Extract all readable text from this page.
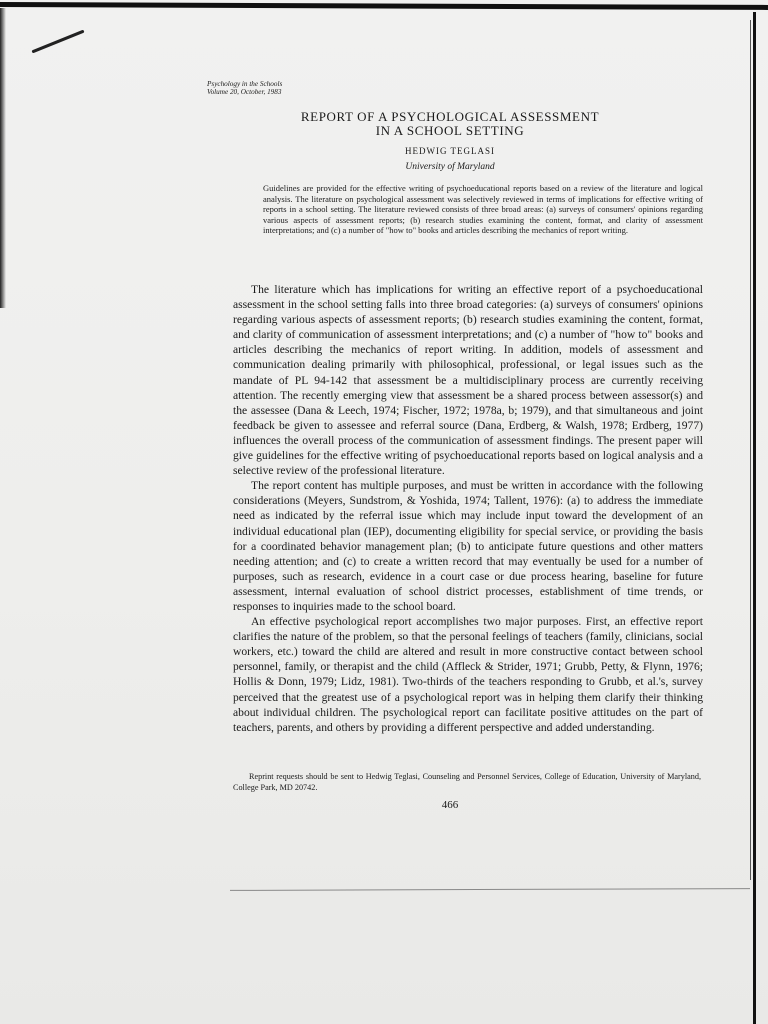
Psychology in the Schools
Volume 20, October, 1983
REPORT OF A PSYCHOLOGICAL ASSESSMENT
IN A SCHOOL SETTING
HEDWIG TEGLASI
University of Maryland
Guidelines are provided for the effective writing of psychoeducational reports based on a review of the literature and logical analysis. The literature on psychological assessment was selectively reviewed in terms of implications for effective writing of reports in a school setting. The literature reviewed consists of three broad areas: (a) surveys of consumers' opinions regarding various aspects of assessment reports; (b) research studies examining the content, format, and clarity of assessment interpretations; and (c) a number of "how to" books and articles describing the mechanics of report writing.

The literature which has implications for writing an effective report of a psychoeducational assessment in the school setting falls into three broad categories: (a) surveys of consumers' opinions regarding various aspects of assessment reports; (b) research studies examining the content, format, and clarity of communication of assessment interpretations; and (c) a number of "how to" books and articles describing the mechanics of report writing. In addition, models of assessment and communication dealing primarily with philosophical, professional, or legal issues such as the mandate of PL 94-142 that assessment be a multidisciplinary process are currently receiving attention. The recently emerging view that assessment be a shared process between assessor(s) and the assessee (Dana & Leech, 1974; Fischer, 1972; 1978a, b; 1979), and that simultaneous and joint feedback be given to assessee and referral source (Dana, Erdberg, & Walsh, 1978; Erdberg, 1977) influences the overall process of the communication of assessment findings. The present paper will give guidelines for the effective writing of psychoeducational reports based on logical analysis and a selective review of the professional literature.

The report content has multiple purposes, and must be written in accordance with the following considerations (Meyers, Sundstrom, & Yoshida, 1974; Tallent, 1976): (a) to address the immediate need as indicated by the referral issue which may include input toward the development of an individual educational plan (IEP), documenting eligibility for special service, or providing the basis for a coordinated behavior management plan; (b) to anticipate future questions and other matters needing attention; and (c) to create a written record that may eventually be used for a number of purposes, such as research, evidence in a court case or due process hearing, baseline for future assessment, internal evaluation of school district processes, establishment of time trends, or responses to inquiries made to the school board.

An effective psychological report accomplishes two major purposes. First, an effective report clarifies the nature of the problem, so that the personal feelings of teachers (family, clinicians, social workers, etc.) toward the child are altered and result in more constructive contact between school personnel, family, or therapist and the child (Affleck & Strider, 1971; Grubb, Petty, & Flynn, 1976; Hollis & Donn, 1979; Lidz, 1981). Two-thirds of the teachers responding to Grubb, et al.'s, survey perceived that the greatest use of a psychological report was in helping them clarify their thinking about individual children. The psychological report can facilitate positive attitudes on the part of teachers, parents, and others by providing a different perspective and added understanding.

Reprint requests should be sent to Hedwig Teglasi, Counseling and Personnel Services, College of Education, University of Maryland, College Park, MD 20742.
466
